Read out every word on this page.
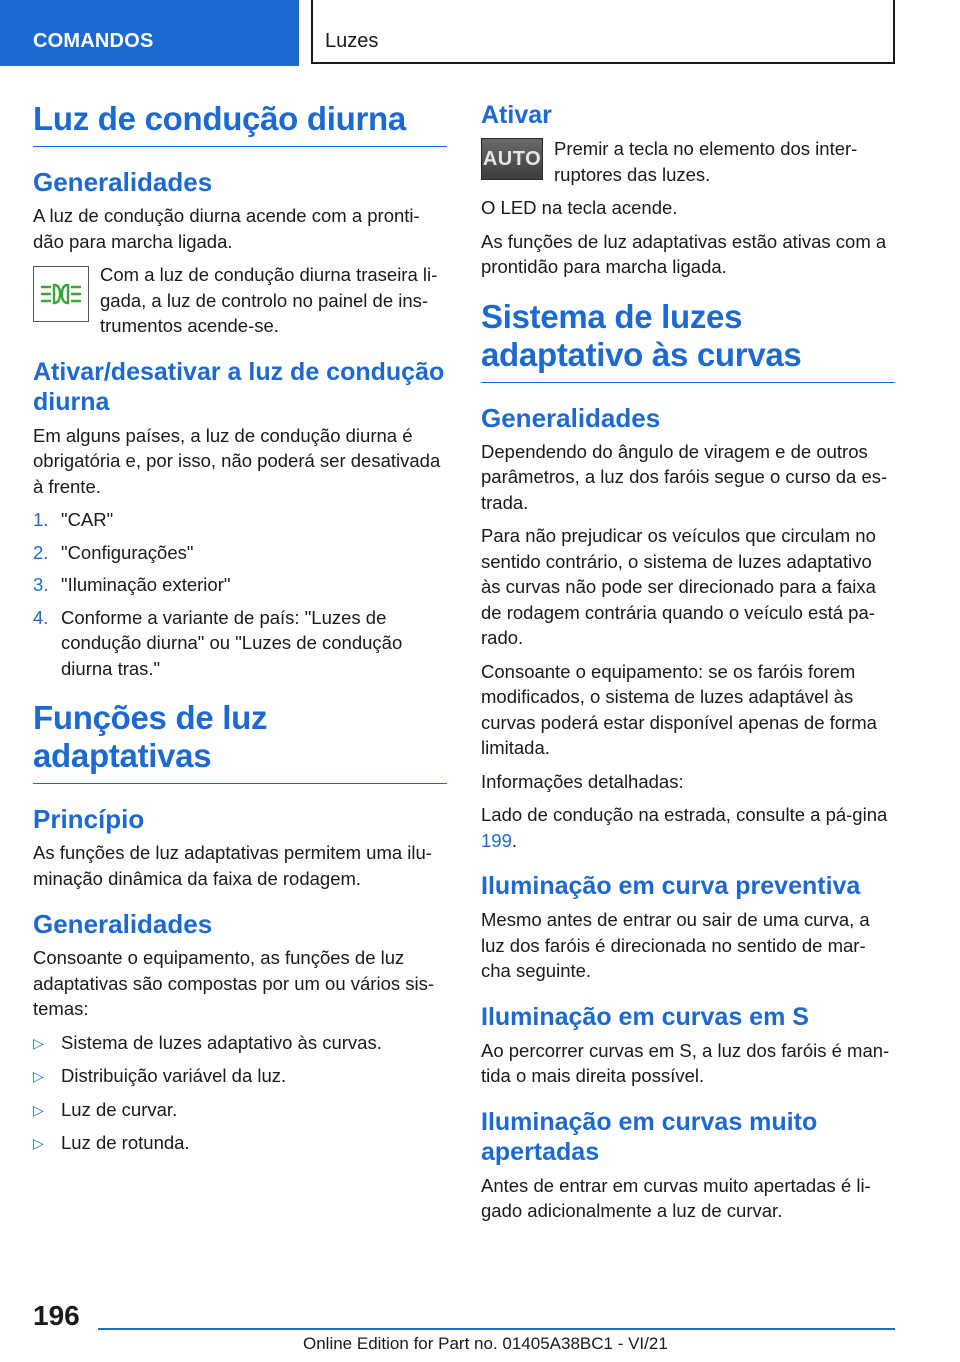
COMANDOS	Luzes
Luz de condução diurna
Generalidades

A luz de condução diurna acende com a pronti-dão para marcha ligada.

Com a luz de condução diurna traseira li-gada, a luz de controlo no painel de ins-trumentos acende-se.

Ativar/desativar a luz de condução diurna

Em alguns países, a luz de condução diurna é obrigatória e, por isso, não poderá ser desativada à frente.

1. "CAR"
2. "Configurações"
3. "Iluminação exterior"
4. Conforme a variante de país: "Luzes de condução diurna" ou "Luzes de condução diurna tras."
Funções de luz adaptativas
Princípio

As funções de luz adaptativas permitem uma ilu-minação dinâmica da faixa de rodagem.

Generalidades

Consoante o equipamento, as funções de luz adaptativas são compostas por um ou vários sis-temas:

▷ Sistema de luzes adaptativo às curvas.
▷ Distribuição variável da luz.
▷ Luz de curvar.
▷ Luz de rotunda.
Ativar
AUTO Premir a tecla no elemento dos inter-ruptores das luzes.

O LED na tecla acende.

As funções de luz adaptativas estão ativas com a prontidão para marcha ligada.

Sistema de luzes adaptativo às curvas
Generalidades

Dependendo do ângulo de viragem e de outros parâmetros, a luz dos faróis segue o curso da es-trada.

Para não prejudicar os veículos que circulam no sentido contrário, o sistema de luzes adaptativo às curvas não pode ser direcionado para a faixa de rodagem contrária quando o veículo está pa-rado.

Consoante o equipamento: se os faróis forem modificados, o sistema de luzes adaptável às curvas poderá estar disponível apenas de forma limitada.

Informações detalhadas:

Lado de condução na estrada, consulte a pá-gina 199.

Iluminação em curva preventiva

Mesmo antes de entrar ou sair de uma curva, a luz dos faróis é direcionada no sentido de mar-cha seguinte.

Iluminação em curvas em S

Ao percorrer curvas em S, a luz dos faróis é man-tida o mais direita possível.

Iluminação em curvas muito apertadas

Antes de entrar em curvas muito apertadas é li-gado adicionalmente a luz de curvar.

196
Online Edition for Part no. 01405A38BC1 - VI/21
